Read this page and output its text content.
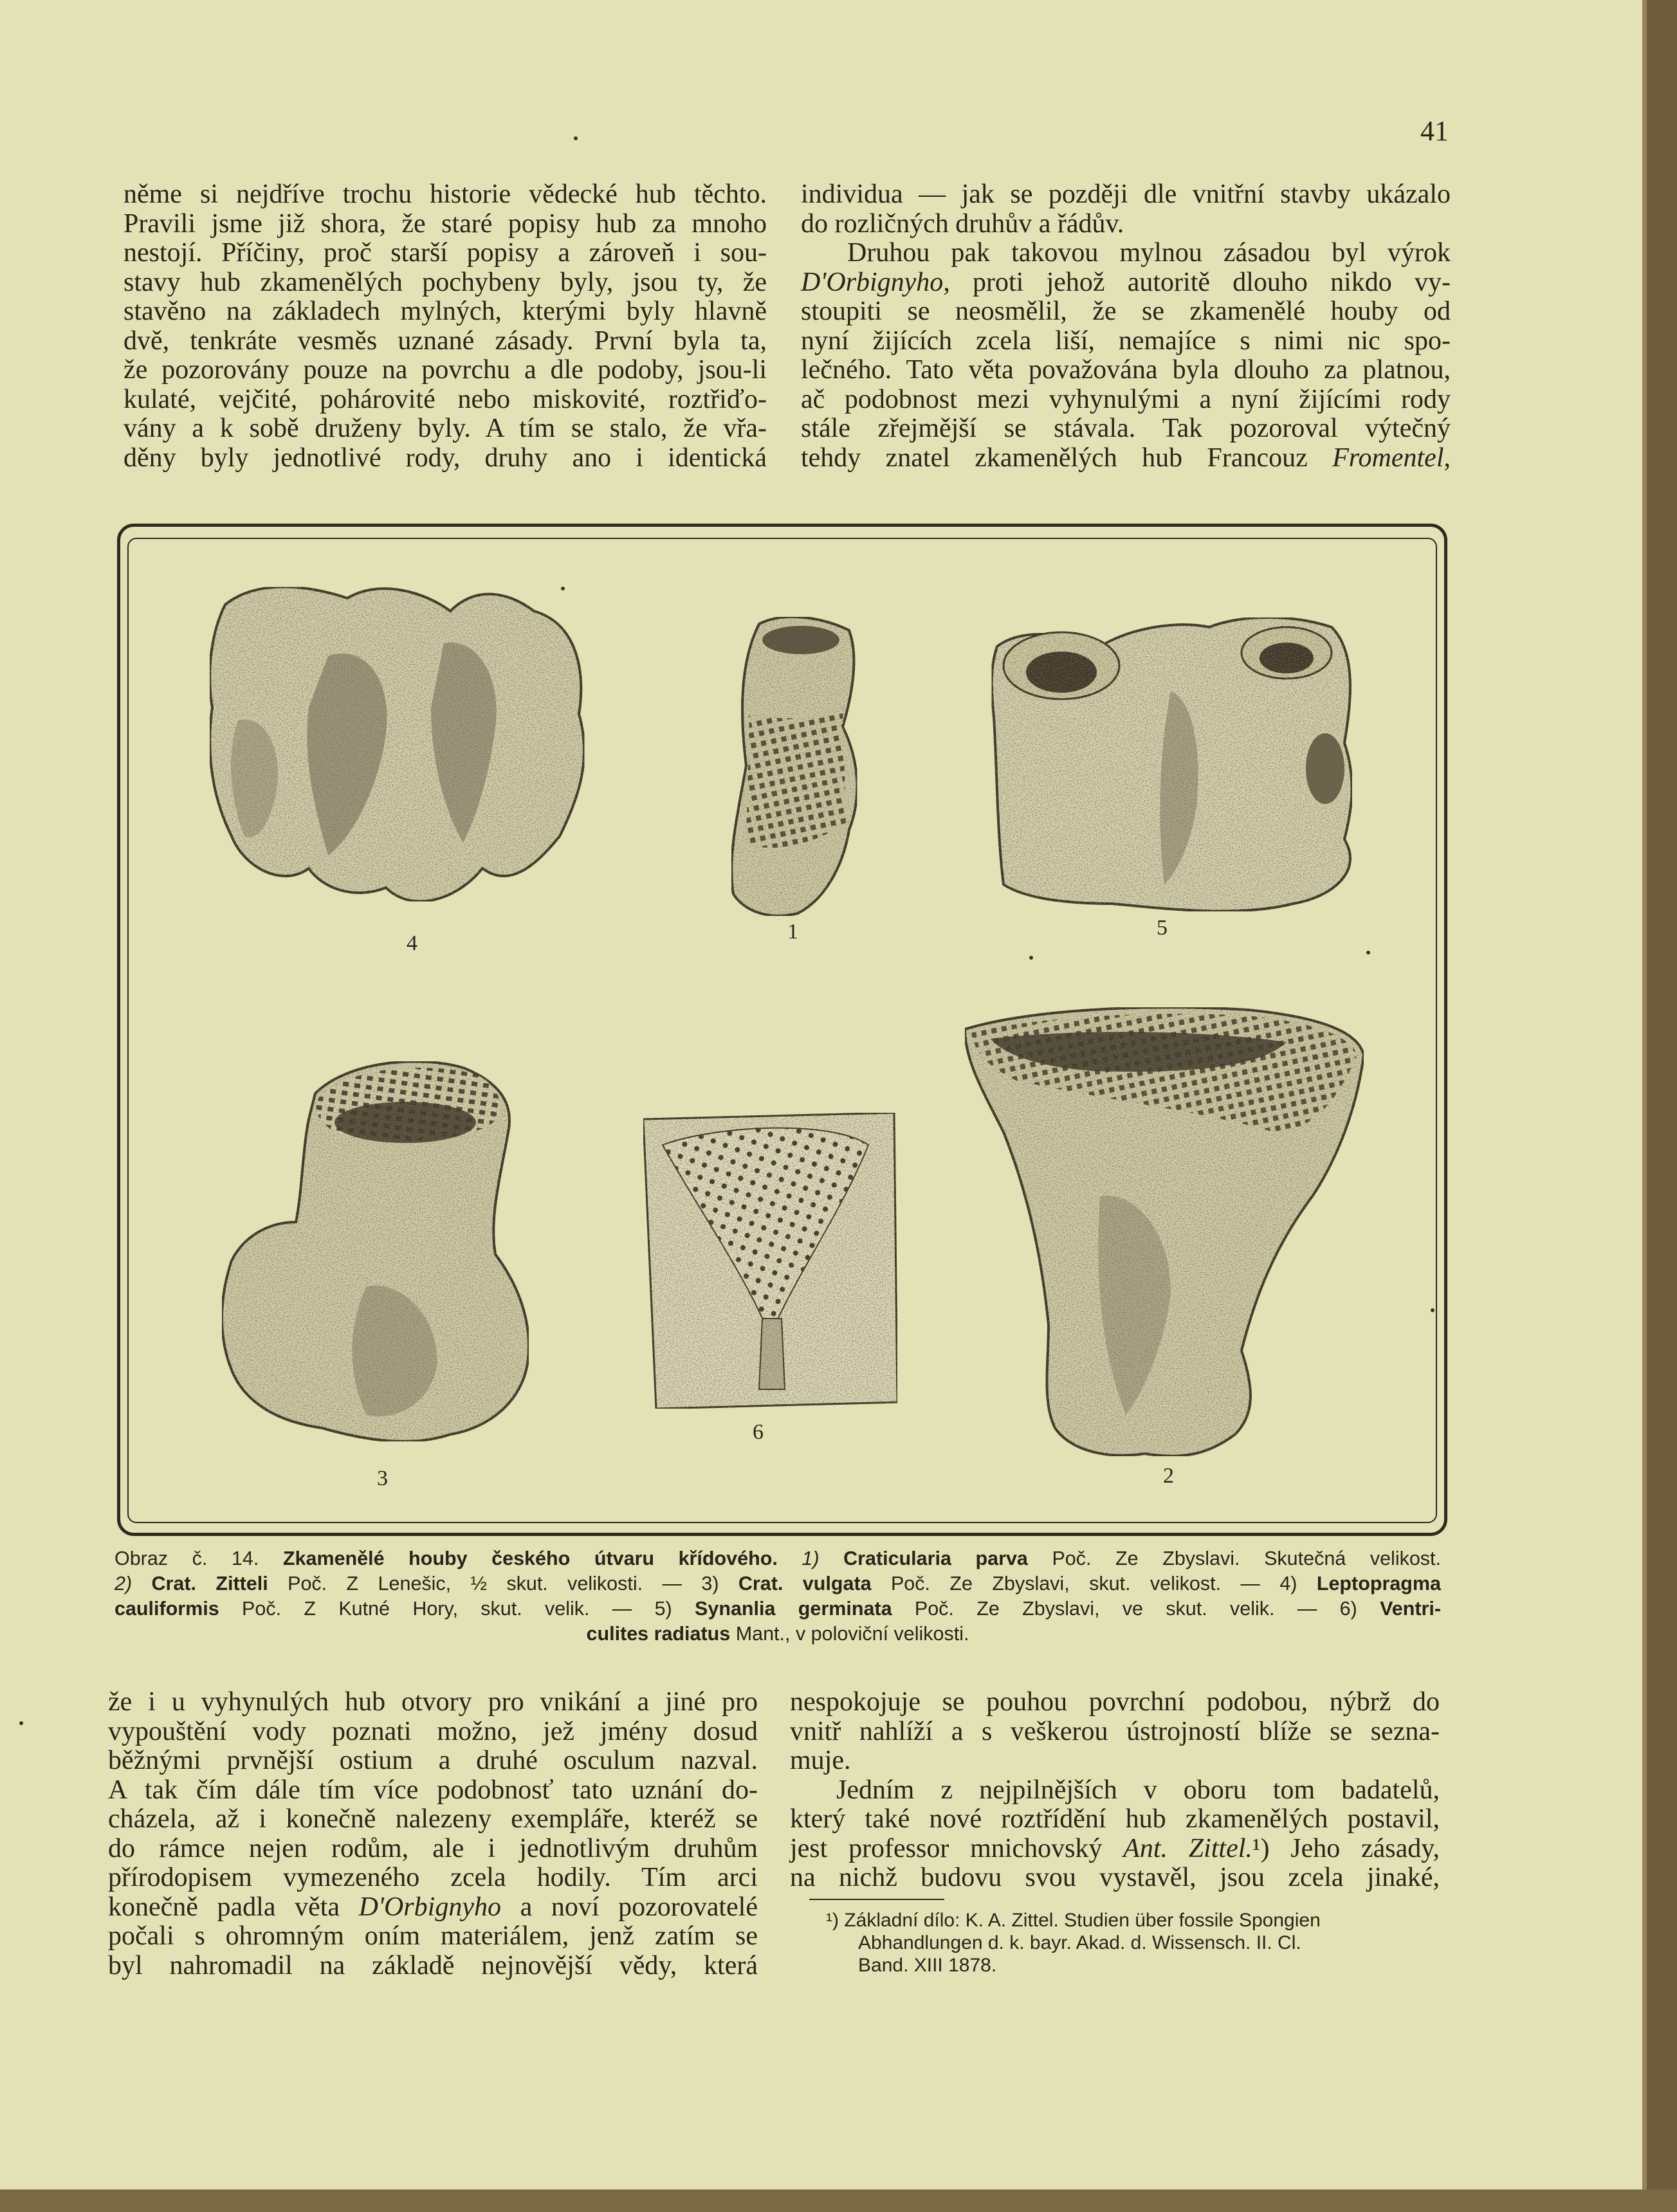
41

něme si nejdříve trochu historie vědecké hub těchto.

Pravili jsme již shora, že staré popisy hub za mnoho

nestojí. Příčiny, proč starší popisy a zároveň i sou-

stavy hub zkamenělých pochybeny byly, jsou ty, že

stavěno na základech mylných, kterými byly hlavně

dvě, tenkráte vesměs uznané zásady. První byla ta,

že pozorovány pouze na povrchu a dle podoby, jsou-li

kulaté, vejčité, pohárovité nebo miskovité, roztřiďo-

vány a k sobě druženy byly. A tím se stalo, že vřa-

děny byly jednotlivé rody, druhy ano i identická

individua — jak se později dle vnitřní stavby ukázalo

do rozličných druhův a řádův.

Druhou pak takovou mylnou zásadou byl výrok

D'Orbignyho, proti jehož autoritě dlouho nikdo vy-

stoupiti se neosmělil, že se zkamenělé houby od

nyní žijících zcela liší, nemajíce s nimi nic spo-

lečného. Tato věta považována byla dlouho za platnou,

ač podobnost mezi vyhynulými a nyní žijícími rody

stále zřejmější se stávala. Tak pozoroval výtečný

tehdy znatel zkamenělých hub Francouz Fromentel,

4	1	5
3
6
2

Obraz č. 14. Zkamenělé houby českého útvaru křídového. 1) Craticularia parva Poč. Ze Zbyslavi. Skutečná velikost.

2) Crat. Zitteli Poč. Z Lenešic, ½ skut. velikosti. — 3) Crat. vulgata Poč. Ze Zbyslavi, skut. velikost. — 4) Leptopragma

cauliformis Poč. Z Kutné Hory, skut. velik. — 5) Synanlia germinata Poč. Ze Zbyslavi, ve skut. velik. — 6) Ventri-

culites radiatus Mant., v poloviční velikosti.

že i u vyhynulých hub otvory pro vnikání a jiné pro

vypouštění vody poznati možno, jež jmény dosud

běžnými prvnější ostium a druhé osculum nazval.

A tak čím dále tím více podobnosť tato uznání do-

cházela, až i konečně nalezeny exempláře, kteréž se

do rámce nejen rodům, ale i jednotlivým druhům

přírodopisem vymezeného zcela hodily. Tím arci

konečně padla věta D'Orbignyho a noví pozorovatelé

počali s ohromným oním materiálem, jenž zatím se

byl nahromadil na základě nejnovější vědy, která

nespokojuje se pouhou povrchní podobou, nýbrž do

vnitř nahlíží a s veškerou ústrojností blíže se sezna-

muje.

Jedním z nejpilnějších v oboru tom badatelů,

který také nové roztřídění hub zkamenělých postavil,

jest professor mnichovský Ant. Zittel.¹) Jeho zásady,

na nichž budovu svou vystavěl, jsou zcela jinaké,

¹) Základní dílo: K. A. Zittel. Studien über fossile Spongien

Abhandlungen d. k. bayr. Akad. d. Wissensch. II. Cl.

Band. XIII 1878.
